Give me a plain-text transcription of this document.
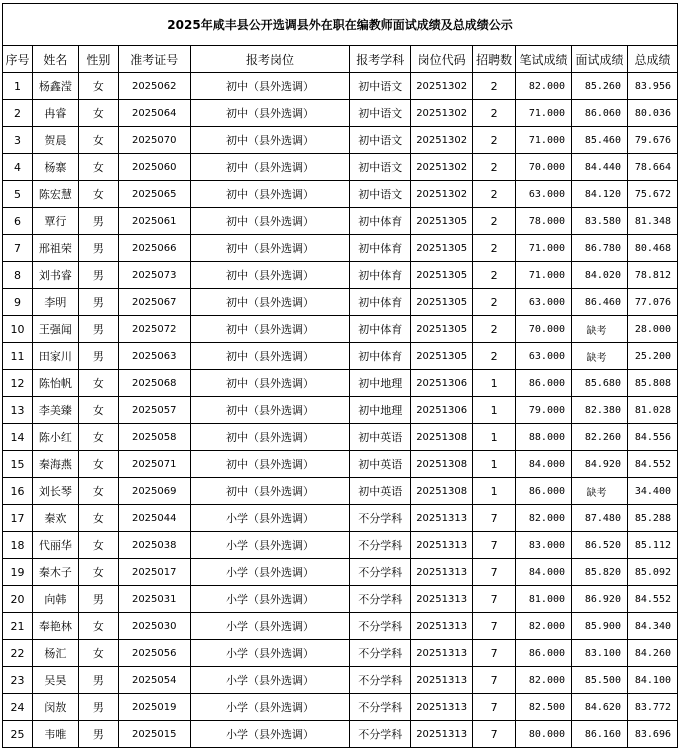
2025年咸丰县公开选调县外在职在编教师面试成绩及总成绩公示										
序号	姓名	性别	准考证号	报考岗位	报考学科	岗位代码	招聘数	笔试成绩	面试成绩	总成绩
1	杨鑫滢	女	2025062	初中（县外选调）	初中语文	20251302	2	82.000	85.260	83.956
2	冉睿	女	2025064	初中（县外选调）	初中语文	20251302	2	71.000	86.060	80.036
3	贺晨	女	2025070	初中（县外选调）	初中语文	20251302	2	71.000	85.460	79.676
4	杨寨	女	2025060	初中（县外选调）	初中语文	20251302	2	70.000	84.440	78.664
5	陈宏慧	女	2025065	初中（县外选调）	初中语文	20251302	2	63.000	84.120	75.672
6	覃行	男	2025061	初中（县外选调）	初中体育	20251305	2	78.000	83.580	81.348
7	邢祖荣	男	2025066	初中（县外选调）	初中体育	20251305	2	71.000	86.780	80.468
8	刘书睿	男	2025073	初中（县外选调）	初中体育	20251305	2	71.000	84.020	78.812
9	李明	男	2025067	初中（县外选调）	初中体育	20251305	2	63.000	86.460	77.076
10	王强闻	男	2025072	初中（县外选调）	初中体育	20251305	2	70.000	缺考	28.000
11	田家川	男	2025063	初中（县外选调）	初中体育	20251305	2	63.000	缺考	25.200
12	陈怡帆	女	2025068	初中（县外选调）	初中地理	20251306	1	86.000	85.680	85.808
13	李美臻	女	2025057	初中（县外选调）	初中地理	20251306	1	79.000	82.380	81.028
14	陈小红	女	2025058	初中（县外选调）	初中英语	20251308	1	88.000	82.260	84.556
15	秦海燕	女	2025071	初中（县外选调）	初中英语	20251308	1	84.000	84.920	84.552
16	刘长琴	女	2025069	初中（县外选调）	初中英语	20251308	1	86.000	缺考	34.400
17	秦欢	女	2025044	小学（县外选调）	不分学科	20251313	7	82.000	87.480	85.288
18	代丽华	女	2025038	小学（县外选调）	不分学科	20251313	7	83.000	86.520	85.112
19	秦木子	女	2025017	小学（县外选调）	不分学科	20251313	7	84.000	85.820	85.092
20	向韩	男	2025031	小学（县外选调）	不分学科	20251313	7	81.000	86.920	84.552
21	奉艳林	女	2025030	小学（县外选调）	不分学科	20251313	7	82.000	85.900	84.340
22	杨汇	女	2025056	小学（县外选调）	不分学科	20251313	7	86.000	83.100	84.260
23	吴昊	男	2025054	小学（县外选调）	不分学科	20251313	7	82.000	85.500	84.100
24	闵敖	男	2025019	小学（县外选调）	不分学科	20251313	7	82.500	84.620	83.772
25	韦唯	男	2025015	小学（县外选调）	不分学科	20251313	7	80.000	86.160	83.696
